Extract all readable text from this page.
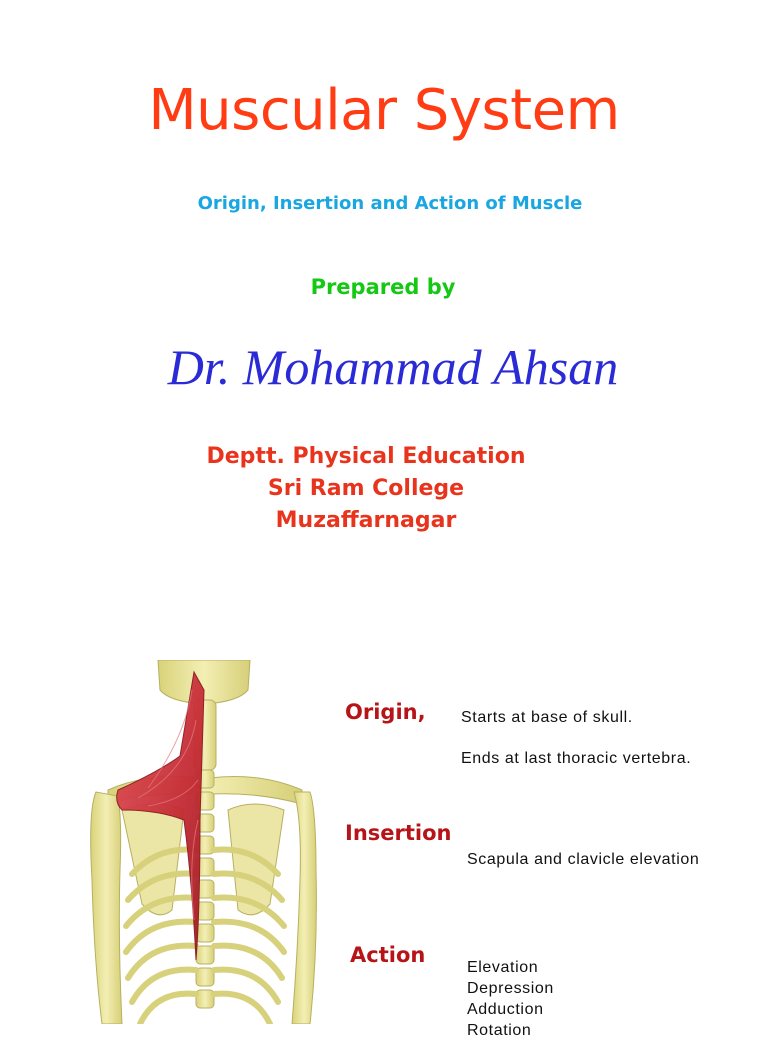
Muscular System
Origin, Insertion and Action of Muscle
Prepared by
Dr. Mohammad Ahsan
Deptt. Physical Education
Sri Ram College
Muzaffarnagar
Origin, Starts at base of skull.
Ends at last thoracic vertebra.
Insertion
Scapula and clavicle elevation
Action
Elevation
Depression
Adduction
Rotation
